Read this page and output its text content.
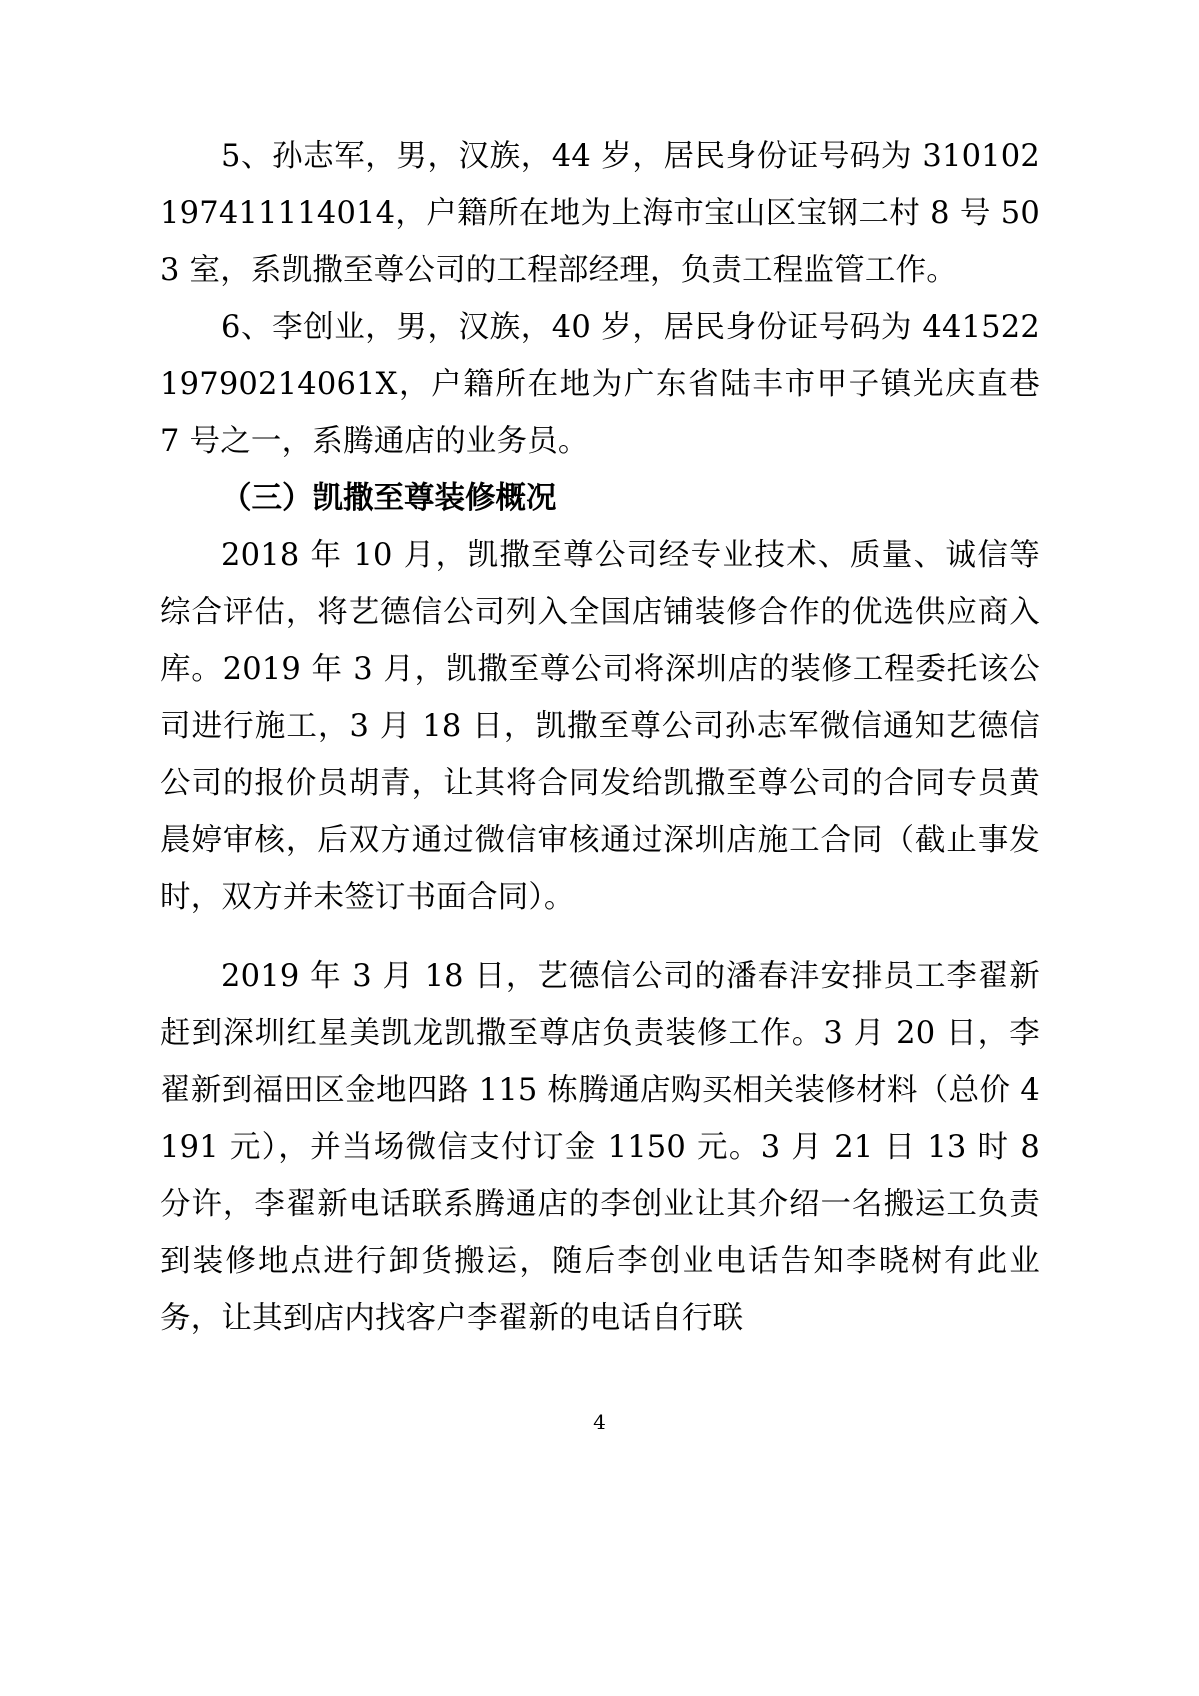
5、孙志军，男，汉族，44 岁，居民身份证号码为 310102197411114014，户籍所在地为上海市宝山区宝钢二村 8 号 503 室，系凯撒至尊公司的工程部经理，负责工程监管工作。

6、李创业，男，汉族，40 岁，居民身份证号码为 44152219790214061X，户籍所在地为广东省陆丰市甲子镇光庆直巷 7 号之一，系腾通店的业务员。

（三）凯撒至尊装修概况

2018 年 10 月，凯撒至尊公司经专业技术、质量、诚信等综合评估，将艺德信公司列入全国店铺装修合作的优选供应商入库。2019 年 3 月，凯撒至尊公司将深圳店的装修工程委托该公司进行施工，3 月 18 日，凯撒至尊公司孙志军微信通知艺德信公司的报价员胡青，让其将合同发给凯撒至尊公司的合同专员黄晨婷审核，后双方通过微信审核通过深圳店施工合同（截止事发时，双方并未签订书面合同）。

2019 年 3 月 18 日，艺德信公司的潘春沣安排员工李翟新赶到深圳红星美凯龙凯撒至尊店负责装修工作。3 月 20 日，李翟新到福田区金地四路 115 栋腾通店购买相关装修材料（总价 4191 元），并当场微信支付订金 1150 元。3 月 21 日 13 时 8 分许，李翟新电话联系腾通店的李创业让其介绍一名搬运工负责到装修地点进行卸货搬运，随后李创业电话告知李晓树有此业务，让其到店内找客户李翟新的电话自行联

4
